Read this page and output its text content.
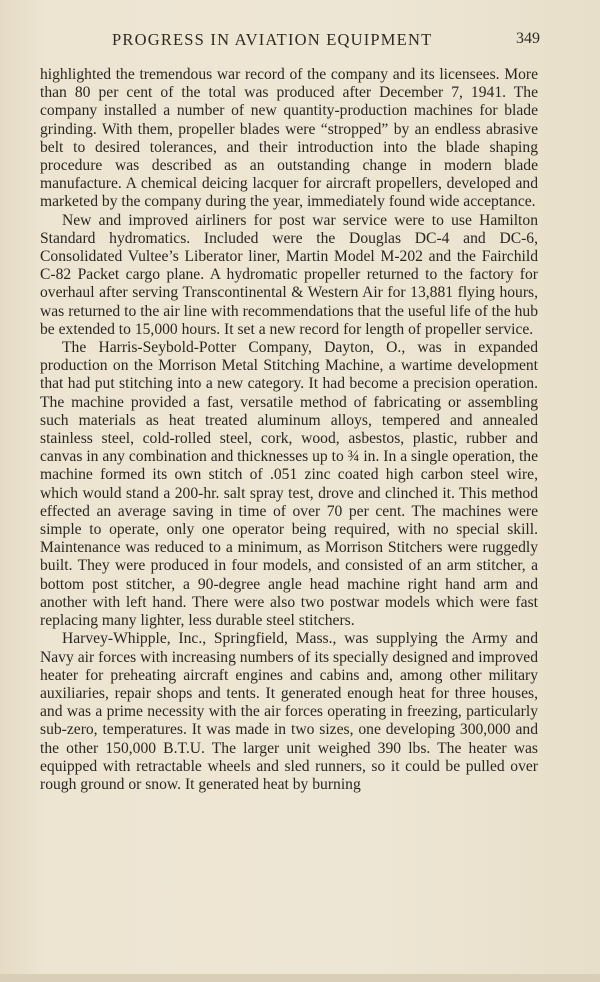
PROGRESS IN AVIATION EQUIPMENT	349

highlighted the tremendous war record of the company and its licensees. More than 80 per cent of the total was produced after December 7, 1941. The company installed a number of new quantity-production machines for blade grinding. With them, propeller blades were “stropped” by an endless abrasive belt to desired tolerances, and their introduction into the blade shaping procedure was described as an outstanding change in modern blade manufacture. A chemical deicing lacquer for aircraft propellers, developed and marketed by the company during the year, immediately found wide acceptance.

New and improved airliners for post war service were to use Hamilton Standard hydromatics. Included were the Douglas DC-4 and DC-6, Consolidated Vultee’s Liberator liner, Martin Model M-202 and the Fairchild C-82 Packet cargo plane. A hydromatic propeller returned to the factory for overhaul after serving Transcontinental & Western Air for 13,881 flying hours, was returned to the air line with recommendations that the useful life of the hub be extended to 15,000 hours. It set a new record for length of propeller service.

The Harris-Seybold-Potter Company, Dayton, O., was in expanded production on the Morrison Metal Stitching Machine, a wartime development that had put stitching into a new category. It had become a precision operation. The machine provided a fast, versatile method of fabricating or assembling such materials as heat treated aluminum alloys, tempered and annealed stainless steel, cold-rolled steel, cork, wood, asbestos, plastic, rubber and canvas in any combination and thicknesses up to ¾ in. In a single operation, the machine formed its own stitch of .051 zinc coated high carbon steel wire, which would stand a 200-hr. salt spray test, drove and clinched it. This method effected an average saving in time of over 70 per cent. The machines were simple to operate, only one operator being required, with no special skill. Maintenance was reduced to a minimum, as Morrison Stitchers were ruggedly built. They were produced in four models, and consisted of an arm stitcher, a bottom post stitcher, a 90-degree angle head machine right hand arm and another with left hand. There were also two postwar models which were fast replacing many lighter, less durable steel stitchers.

Harvey-Whipple, Inc., Springfield, Mass., was supplying the Army and Navy air forces with increasing numbers of its specially designed and improved heater for preheating aircraft engines and cabins and, among other military auxiliaries, repair shops and tents. It generated enough heat for three houses, and was a prime necessity with the air forces operating in freezing, particularly sub-zero, temperatures. It was made in two sizes, one developing 300,000 and the other 150,000 B.T.U. The larger unit weighed 390 lbs. The heater was equipped with retractable wheels and sled runners, so it could be pulled over rough ground or snow. It generated heat by burning
